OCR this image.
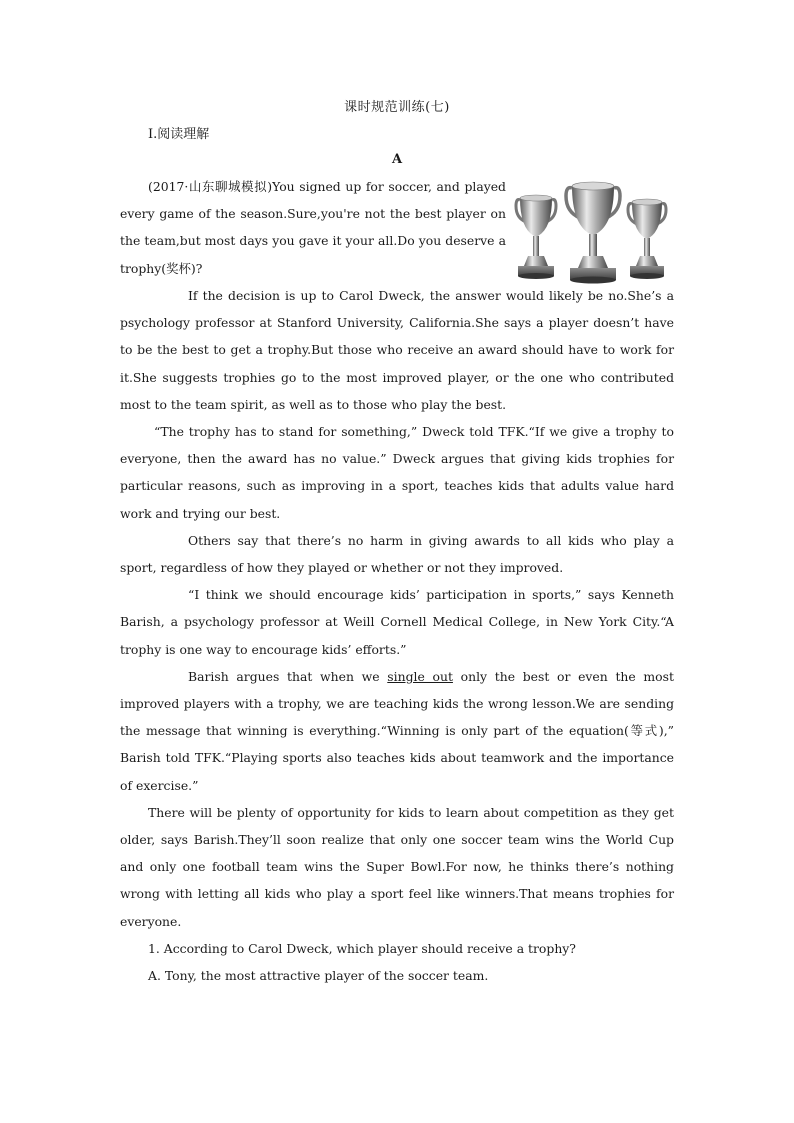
课时规范训练(七)
Ⅰ.阅读理解
A

(2017·山东聊城模拟)You signed up for soccer, and played every game of the season.Sure,you're not the best player on the team,but most days you gave it your all.Do you deserve a trophy(奖杯)?

If the decision is up to Carol Dweck, the answer would likely be no.She’s a psychology professor at Stanford University, California.She says a player doesn’t have to be the best to get a trophy.But those who receive an award should have to work for it.She suggests trophies go to the most improved player, or the one who contributed most to the team spirit, as well as to those who play the best.

“The trophy has to stand for something,” Dweck told TFK.“If we give a trophy to everyone, then the award has no value.” Dweck argues that giving kids trophies for particular reasons, such as improving in a sport, teaches kids that adults value hard work and trying our best.

Others say that there’s no harm in giving awards to all kids who play a sport, regardless of how they played or whether or not they improved.

“I think we should encourage kids’ participation in sports,” says Kenneth Barish, a psychology professor at Weill Cornell Medical College, in New York City.“A trophy is one way to encourage kids’ efforts.”

Barish argues that when we single out only the best or even the most improved players with a trophy, we are teaching kids the wrong lesson.We are sending the message that winning is everything.“Winning is only part of the equation(等式),” Barish told TFK.“Playing sports also teaches kids about teamwork and the importance of exercise.”

There will be plenty of opportunity for kids to learn about competition as they get older, says Barish.They’ll soon realize that only one soccer team wins the World Cup and only one football team wins the Super Bowl.For now, he thinks there’s nothing wrong with letting all kids who play a sport feel like winners.That means trophies for everyone.

1. According to Carol Dweck, which player should receive a trophy?

A. Tony, the most attractive player of the soccer team.
